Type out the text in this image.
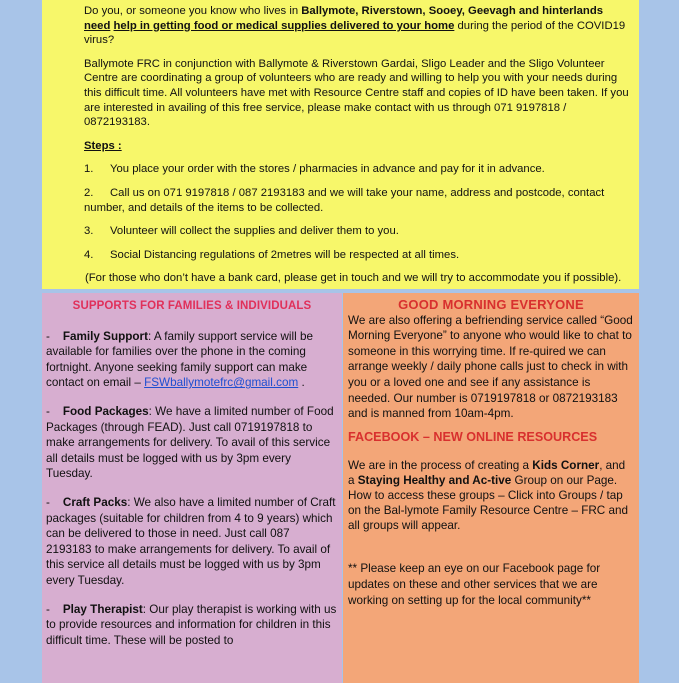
Do you, or someone you know who lives in Ballymote, Riverstown, Sooey, Geevagh and hinterlands need help in getting food or medical supplies delivered to your home during the period of the COVID19 virus?

Ballymote FRC in conjunction with Ballymote & Riverstown Gardai, Sligo Leader and the Sligo Volunteer Centre are coordinating a group of volunteers who are ready and willing to help you with your needs during this difficult time. All volunteers have met with Resource Centre staff and copies of ID have been taken. If you are interested in availing of this free service, please make contact with us through 071 9197818 / 0872193183.

Steps :

1. You place your order with the stores / pharmacies in advance and pay for it in advance.

2. Call us on 071 9197818 / 087 2193183 and we will take your name, address and postcode, contact number, and details of the items to be collected.

3. Volunteer will collect the supplies and deliver them to you.

4. Social Distancing regulations of 2metres will be respected at all times.

(For those who don’t have a bank card, please get in touch and we will try to accommodate you if possible).

SUPPORTS FOR FAMILIES & INDIVIDUALS

-    Family Support: A family support service will be available for families over the phone in the coming fortnight. Anyone seeking family support can make contact on email – FSWballymotefrc@gmail.com .

-    Food Packages: We have a limited number of Food Packages (through FEAD). Just call 0719197818 to make arrangements for delivery. To avail of this service all details must be logged with us by 3pm every Tuesday.

-    Craft Packs: We also have a limited number of Craft packages (suitable for children from 4 to 9 years) which can be delivered to those in need. Just call 087 2193183 to make arrangements for delivery. To avail of this service all details must be logged with us by 3pm every Tuesday.

-    Play Therapist: Our play therapist is working with us to provide resources and information for children in this difficult time. These will be posted to

GOOD MORNING EVERYONE

We are also offering a befriending service called “Good Morning Everyone” to anyone who would like to chat to someone in this worrying time. If re-quired we can arrange weekly / daily phone calls just to check in with you or a loved one and see if any assistance is needed. Our number is 0719197818 or 0872193183 and is manned from 10am-4pm.

FACEBOOK – NEW ONLINE RESOURCES

We are in the process of creating a Kids Corner, and a Staying Healthy and Ac-tive Group on our Page. How to access these groups – Click into Groups / tap on the Bal-lymote Family Resource Centre – FRC and all groups will appear.

** Please keep an eye on our Facebook page for updates on these and other services that we are working on setting up for the local community**
